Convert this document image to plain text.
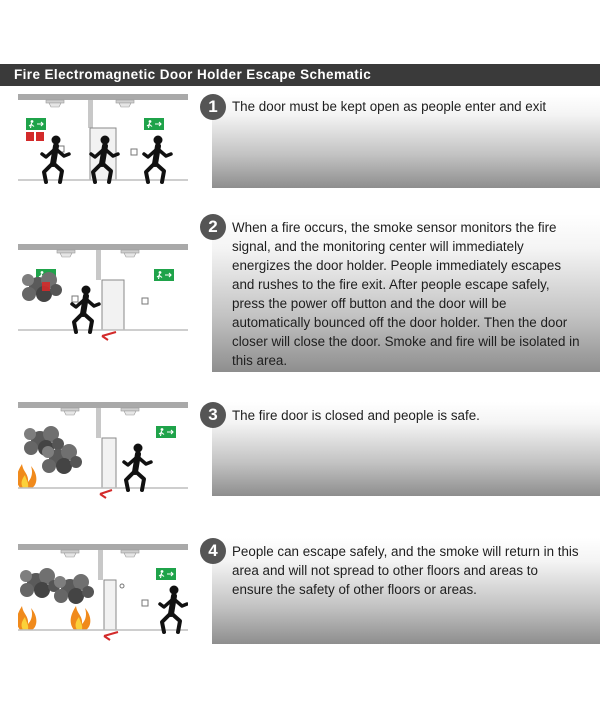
Fire Electromagnetic Door Holder Escape Schematic
1	The door must be kept open as people enter and exit
2	When a fire occurs, the smoke sensor monitors the fire signal, and the monitoring center will immediately energizes the door holder. People immediately escapes and rushes to the fire exit. After people escape safely, press the power off button and the door will be automatically bounced off the door holder. Then the door closer will close the door. Smoke and fire will be isolated in this area.
3	The fire door is closed and people is safe.
4	People can escape safely, and the smoke will return in this area and will not spread to other floors and areas to ensure the safety of other floors or areas.
